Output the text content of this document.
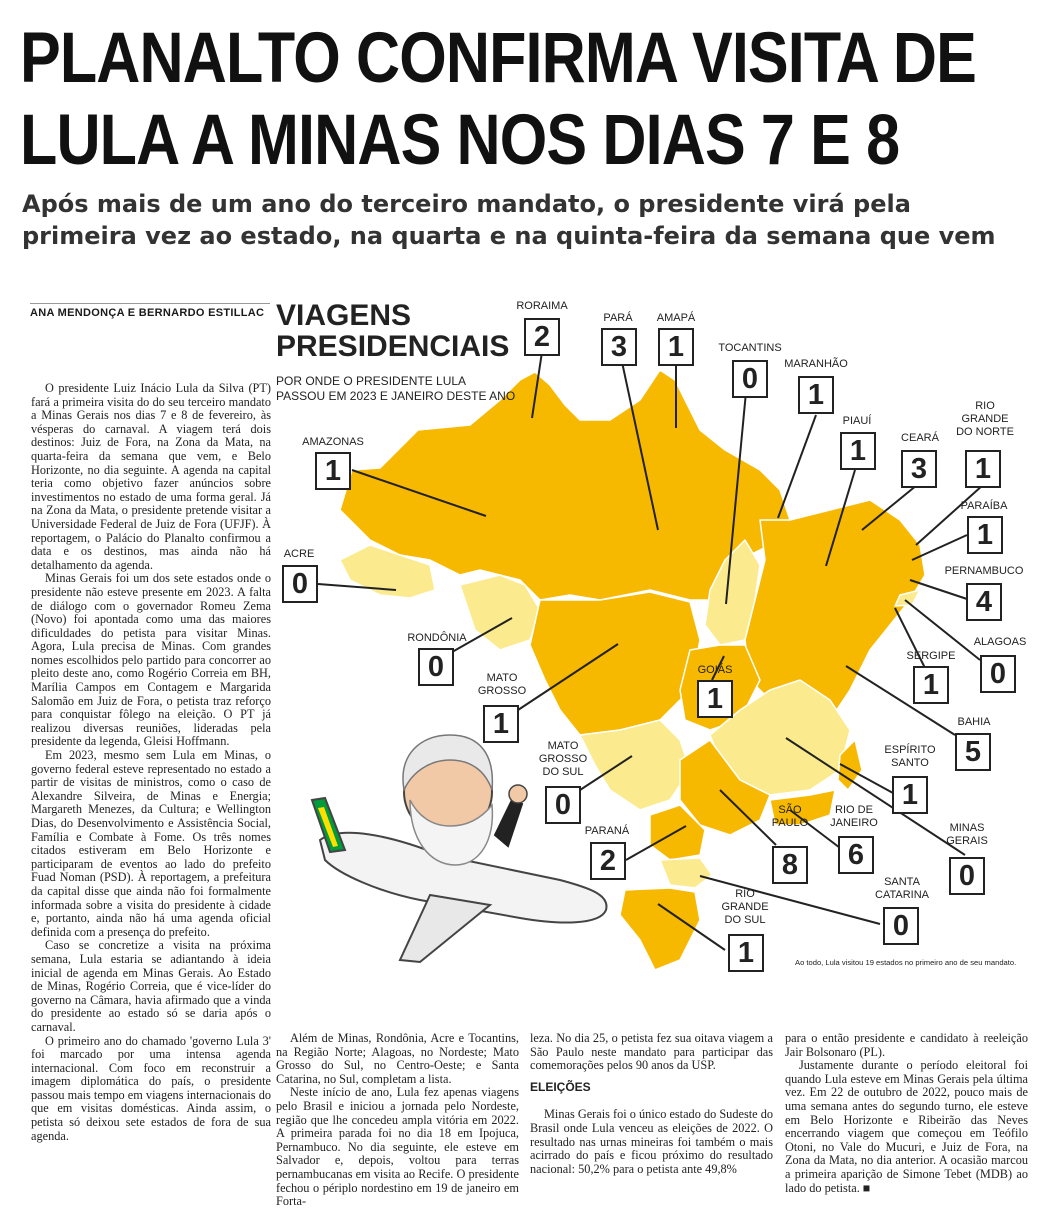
PLANALTO CONFIRMA VISITA DE
LULA A MINAS NOS DIAS 7 E 8
Após mais de um ano do terceiro mandato, o presidente virá pela
primeira vez ao estado, na quarta e na quinta-feira da semana que vem
ANA MENDONÇA E BERNARDO ESTILLAC

O presidente Luiz Inácio Lula da Silva (PT) fará a primeira visita do do seu terceiro mandato a Minas Gerais nos dias 7 e 8 de fevereiro, às vésperas do carnaval. A viagem terá dois destinos: Juiz de Fora, na Zona da Mata, na quarta-feira da semana que vem, e Belo Horizonte, no dia seguinte. A agenda na capital teria como objetivo fazer anúncios sobre investimentos no estado de uma forma geral. Já na Zona da Mata, o presidente pretende visitar a Universidade Federal de Juiz de Fora (UFJF). À reportagem, o Palácio do Planalto confirmou a data e os destinos, mas ainda não há detalhamento da agenda.

Minas Gerais foi um dos sete estados onde o presidente não esteve presente em 2023. A falta de diálogo com o governador Romeu Zema (Novo) foi apontada como uma das maiores dificuldades do petista para visitar Minas. Agora, Lula precisa de Minas. Com grandes nomes escolhidos pelo partido para concorrer ao pleito deste ano, como Rogério Correia em BH, Marília Campos em Contagem e Margarida Salomão em Juiz de Fora, o petista traz reforço para conquistar fôlego na eleição. O PT já realizou diversas reuniões, lideradas pela presidente da legenda, Gleisi Hoffmann.

Em 2023, mesmo sem Lula em Minas, o governo federal esteve representado no estado a partir de visitas de ministros, como o caso de Alexandre Silveira, de Minas e Energia; Margareth Menezes, da Cultura; e Wellington Dias, do Desenvolvimento e Assistência Social, Família e Combate à Fome. Os três nomes citados estiveram em Belo Horizonte e participaram de eventos ao lado do prefeito Fuad Noman (PSD). À reportagem, a prefeitura da capital disse que ainda não foi formalmente informada sobre a visita do presidente à cidade e, portanto, ainda não há uma agenda oficial definida com a presença do prefeito.

Caso se concretize a visita na próxima semana, Lula estaria se adiantando à ideia inicial de agenda em Minas Gerais. Ao Estado de Minas, Rogério Correia, que é vice-líder do governo na Câmara, havia afirmado que a vinda do presidente ao estado só se daria após o carnaval.

O primeiro ano do chamado 'governo Lula 3' foi marcado por uma intensa agenda internacional. Com foco em reconstruir a imagem diplomática do país, o presidente passou mais tempo em viagens internacionais do que em visitas domésticas. Ainda assim, o petista só deixou sete estados de fora de sua agenda.

Além de Minas, Rondônia, Acre e Tocantins, na Região Norte; Alagoas, no Nordeste; Mato Grosso do Sul, no Centro-Oeste; e Santa Catarina, no Sul, completam a lista.

Neste início de ano, Lula fez apenas viagens pelo Brasil e iniciou a jornada pelo Nordeste, região que lhe concedeu ampla vitória em 2022. A primeira parada foi no dia 18 em Ipojuca, Pernambuco. No dia seguinte, ele esteve em Salvador e, depois, voltou para terras pernambucanas em visita ao Recife. O presidente fechou o périplo nordestino em 19 de janeiro em Forta-

leza. No dia 25, o petista fez sua oitava viagem a São Paulo neste mandato para participar das comemorações pelos 90 anos da USP.

ELEIÇÕES

Minas Gerais foi o único estado do Sudeste do Brasil onde Lula venceu as eleições de 2022. O resultado nas urnas mineiras foi também o mais acirrado do país e ficou próximo do resultado nacional: 50,2% para o petista ante 49,8%

para o então presidente e candidato à reeleição Jair Bolsonaro (PL).

Justamente durante o período eleitoral foi quando Lula esteve em Minas Gerais pela última vez. Em 22 de outubro de 2022, pouco mais de uma semana antes do segundo turno, ele esteve em Belo Horizonte e Ribeirão das Neves encerrando viagem que começou em Teófilo Otoni, no Vale do Mucuri, e Juiz de Fora, na Zona da Mata, no dia anterior. A ocasião marcou a primeira aparição de Simone Tebet (MDB) ao lado do petista. ■

VIAGENS
PRESIDENCIAIS
POR ONDE O PRESIDENTE LULA
PASSOU EM 2023 E JANEIRO DESTE ANO
Ao todo, Lula visitou 19 estados no primeiro ano de seu mandato.
RORAIMA
2
PARÁ
3
AMAPÁ
1	TOCANTINS
0	MARANHÃO
1
AMAZONAS
1
PIAUÍ
1	CEARÁ
3
RIO
GRANDE
DO NORTE
1
PARAÍBA
1
ACRE
0	PERNAMBUCO
4
RONDÔNIA
0
ALAGOAS
0
SERGIPE
1
GOIÁS
1
MATO
GROSSO
1	BAHIA
5
MATO
GROSSO
DO SUL
0
ESPÍRITO
SANTO
1
RIO DE
JANEIRO
6
SÃO
PAULO
8
PARANÁ
2
MINAS
GERAIS
0
SANTA
CATARINA
0
RIO
GRANDE
DO SUL
1
